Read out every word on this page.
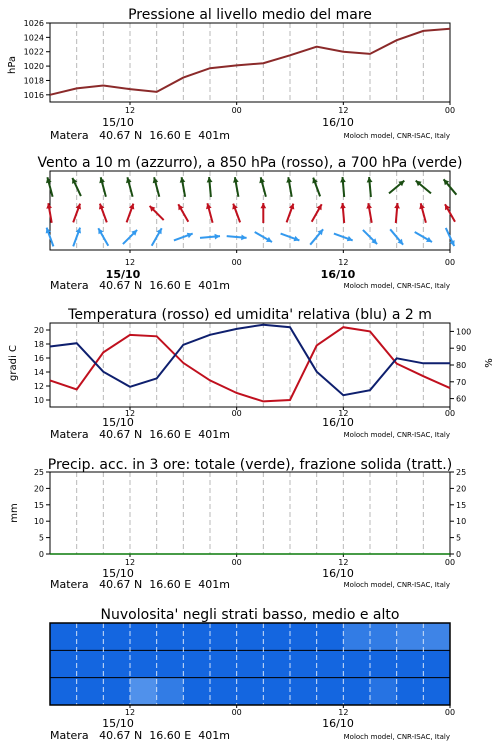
Pressione al livello medio del mare
hPa
1016
1018
1020
1022
1024
1026
12	00	12	00
15/10	16/10
Matera   40.67 N  16.60 E  401m	Moloch model, CNR-ISAC, Italy
Vento a 10 m (azzurro), a 850 hPa (rosso), a 700 hPa (verde)
12	00	12	00
15/10	16/10
Matera   40.67 N  16.60 E  401m	Moloch model, CNR-ISAC, Italy
Temperatura (rosso) ed umidita' relativa (blu) a 2 m
gradi C	%
10
12
14
16
18
20
60
70
80
90
100
12	00	12	00
Matera   40.67 N  16.60 E  401m	Moloch model, CNR-ISAC, Italy
15/10	16/10
Precip. acc. in 3 ore: totale (verde), frazione solida (tratt.)
mm
0
5
10
15
20
25
0
5
10
15
20
25
12	00	12	00
15/10	16/10
Matera   40.67 N  16.60 E  401m	Moloch model, CNR-ISAC, Italy
Nuvolosita' negli strati basso, medio e alto
12	00	12	00
15/10	16/10
Matera   40.67 N  16.60 E  401m	Moloch model, CNR-ISAC, Italy
